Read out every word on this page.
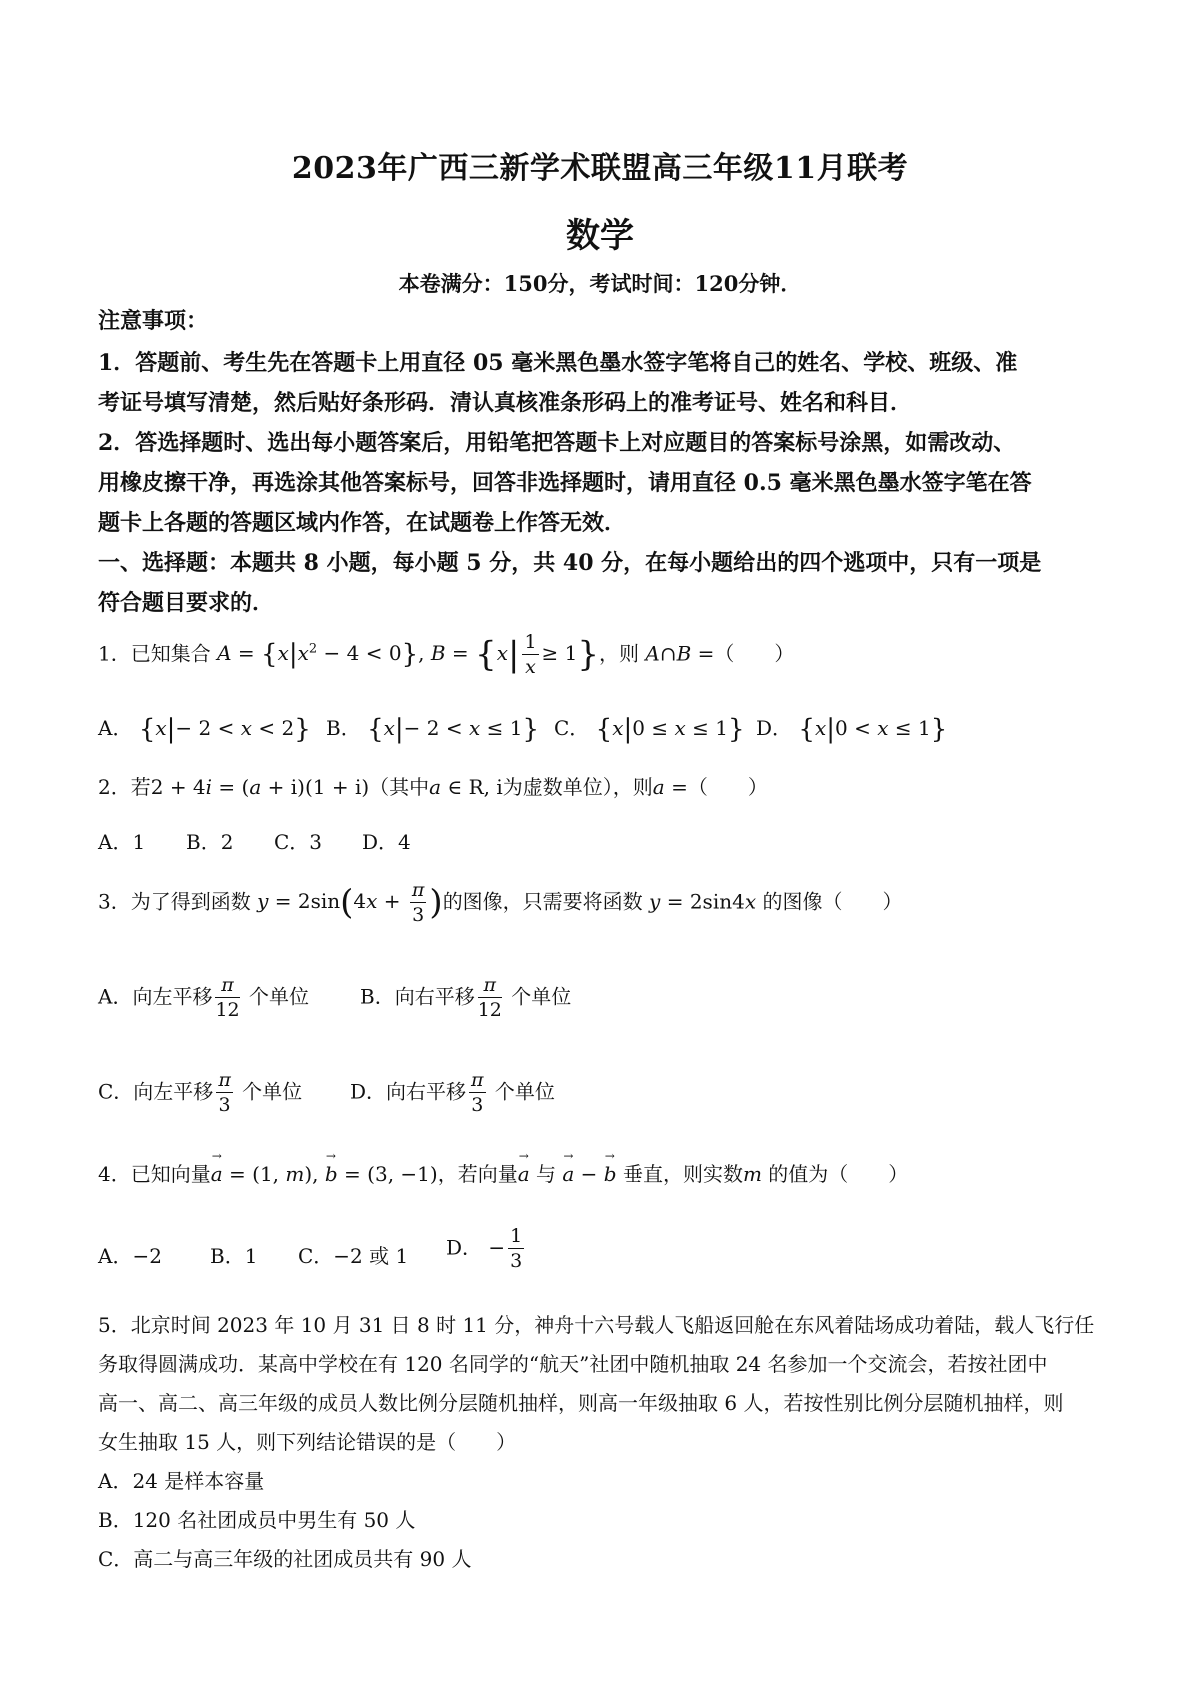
2023年广西三新学术联盟高三年级11月联考
数学
本卷满分：150分，考试时间：120分钟．
注意事项：
1．答题前、考生先在答题卡上用直径 05 毫米黑色墨水签字笔将自己的姓名、学校、班级、准
考证号填写清楚，然后贴好条形码．清认真核准条形码上的准考证号、姓名和科目．
2．答选择题时、选出每小题答案后，用铅笔把答题卡上对应题目的答案标号涂黑，如需改动、
用橡皮擦干净，再选涂其他答案标号，回答非选择题时，请用直径 0.5 毫米黑色墨水签字笔在答
题卡上各题的答题区域内作答，在试题卷上作答无效．
一、选择题：本题共 8 小题，每小题 5 分，共 40 分，在每小题给出的四个逃项中，只有一项是
符合题目要求的．
1．已知集合 $A = \{x|x^2 - 4 < 0\}$, $B = \{x| \frac{1}{x} \ge 1\}$，则 A∩B =（　　）
A． {x|− 2 < x < 2} B． {x|− 2 < x ≤ 1} C． {x|0 ≤ x ≤ 1} D． {x|0 < x ≤ 1}
2．若2 + 4i = (a + i)(1 + i)（其中a ∈ R, i为虚数单位），则a =（　　）
A．1 B．2 C．3 D．4
3．为了得到函数 $y = 2\sin(4x + \frac{\pi}{3}$ )的图像，只需要将函数 y = 2sin4x 的图像（　　）
A．向左平移 $\frac{\pi}{12}$ 个单位	B．向右平移 $\frac{\pi}{12}$ 个单位
C．向左平移 $\frac{\pi}{3}$ 个单位 D．向右平移 $\frac{\pi}{3}$ 个单位
4．已知向量→ a = (1, m), → b = (3, −1)，若向量→ a 与 → a − → b 垂直，则实数m 的值为（　　）
A．−2 B．1 C．−2 或 1 D． − $\frac{1}{3}$
5．北京时间 2023 年 10 月 31 日 8 时 11 分，神舟十六号载人飞船返回舱在东风着陆场成功着陆，载人飞行任
务取得圆满成功．某高中学校在有 120 名同学的“航天”社团中随机抽取 24 名参加一个交流会，若按社团中
高一、高二、高三年级的成员人数比例分层随机抽样，则高一年级抽取 6 人，若按性别比例分层随机抽样，则
女生抽取 15 人，则下列结论错误的是（　　）
A．24 是样本容量
B．120 名社团成员中男生有 50 人
C．高二与高三年级的社团成员共有 90 人
